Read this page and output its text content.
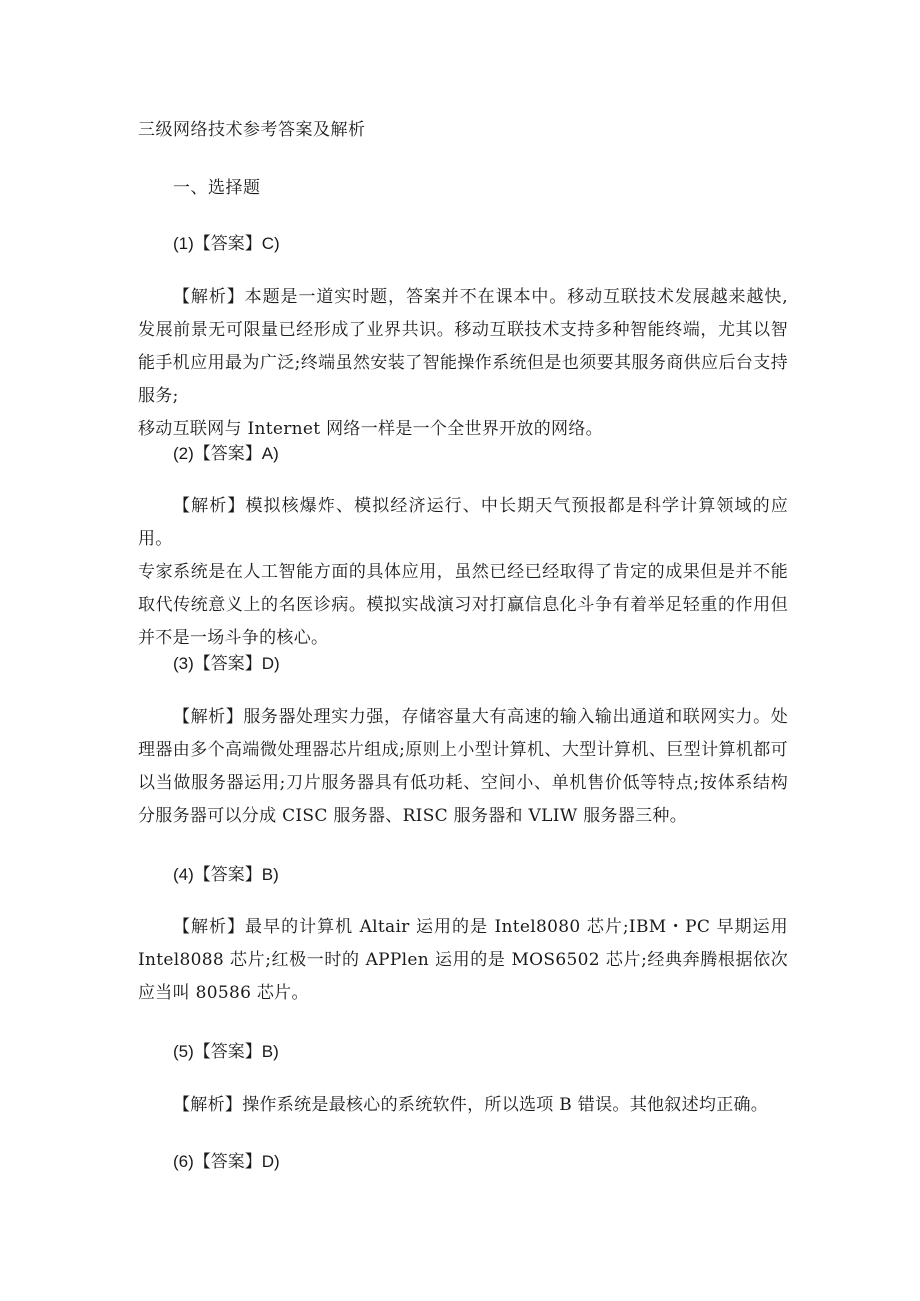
三级网络技术参考答案及解析
一、选择题
(1)【答案】C)
【解析】本题是一道实时题，答案并不在课本中。移动互联技术发展越来越快, 发展前景无可限量已经形成了业界共识。移动互联技术支持多种智能终端，尤其以智能手机应用最为广泛;终端虽然安装了智能操作系统但是也须要其服务商供应后台支持服务;
移动互联网与 Internet 网络一样是一个全世界开放的网络。
(2)【答案】A)
【解析】模拟核爆炸、模拟经济运行、中长期天气预报都是科学计算领域的应用。
专家系统是在人工智能方面的具体应用，虽然已经已经取得了肯定的成果但是并不能取代传统意义上的名医诊病。模拟实战演习对打赢信息化斗争有着举足轻重的作用但并不是一场斗争的核心。
(3)【答案】D)
【解析】服务器处理实力强，存储容量大有高速的输入输出通道和联网实力。处理器由多个高端微处理器芯片组成;原则上小型计算机、大型计算机、巨型计算机都可以当做服务器运用;刀片服务器具有低功耗、空间小、单机售价低等特点;按体系结构分服务器可以分成 CISC 服务器、RISC 服务器和 VLIW 服务器三种。
(4)【答案】B)
【解析】最早的计算机 Altair 运用的是 Intel8080 芯片;IBM・PC 早期运用 Intel8088 芯片;红极一时的 APPlen 运用的是 MOS6502 芯片;经典奔腾根据依次应当叫 80586 芯片。
(5)【答案】B)
【解析】操作系统是最核心的系统软件，所以选项 B 错误。其他叙述均正确。
(6)【答案】D)
